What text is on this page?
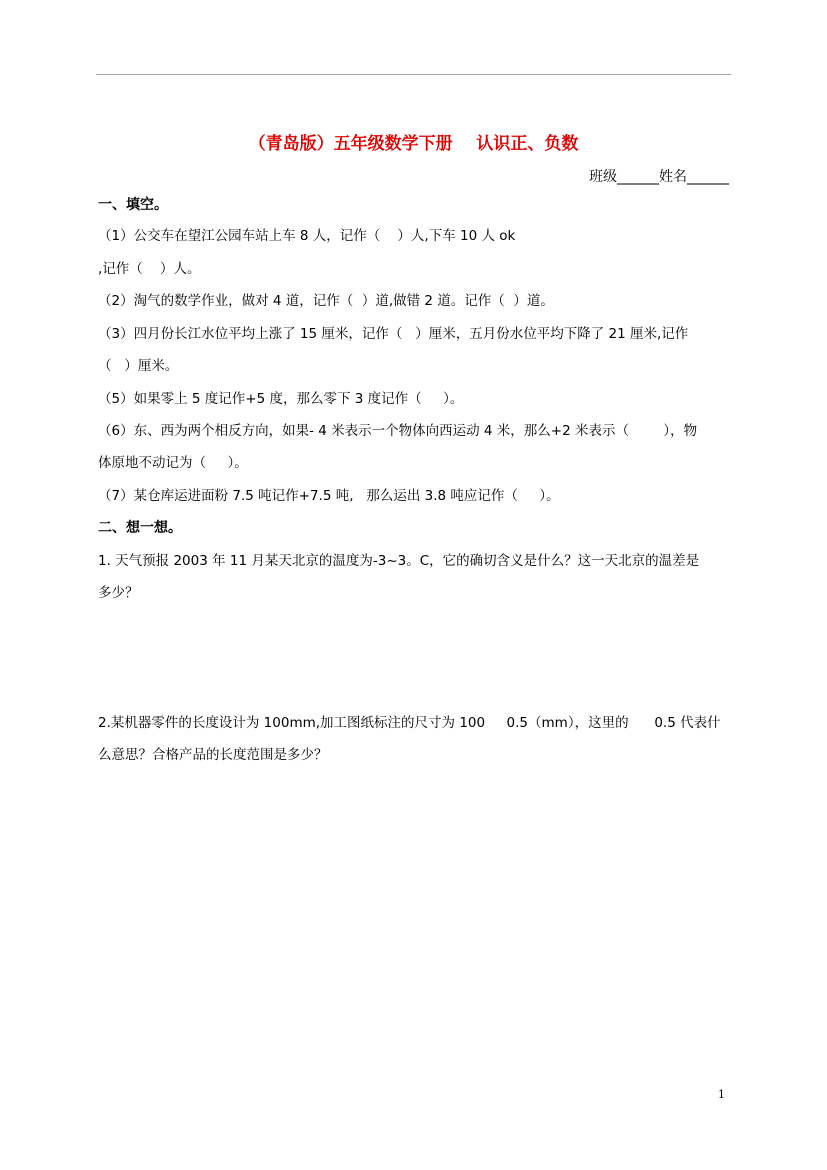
（青岛版）五年级数学下册    认识正、负数
班级______姓名______
一、填空。
（1）公交车在望江公园车站上车 8 人，记作（    ）人,下车 10 人 ok
,记作（    ）人。
（2）淘气的数学作业，做对 4 道，记作（  ）道,做错 2 道。记作（  ）道。
（3）四月份长江水位平均上涨了 15 厘米，记作（   ）厘米，五月份水位平均下降了 21 厘米,记作
（   ）厘米。
（5）如果零上 5 度记作+5 度，那么零下 3 度记作（     ）。
（6）东、西为两个相反方向，如果- 4 米表示一个物体向西运动 4 米，那么+2 米表示（        ），物
体原地不动记为（     ）。
（7）某仓库运进面粉 7.5 吨记作+7.5 吨,   那么运出 3.8 吨应记作（     ）。
二、想一想。
1. 天气预报 2003 年 11 月某天北京的温度为-3~3。C，它的确切含义是什么？这一天北京的温差是
多少？
2.某机器零件的长度设计为 100mm,加工图纸标注的尺寸为 100     0.5（mm），这里的      0.5 代表什
么意思？合格产品的长度范围是多少？
1
